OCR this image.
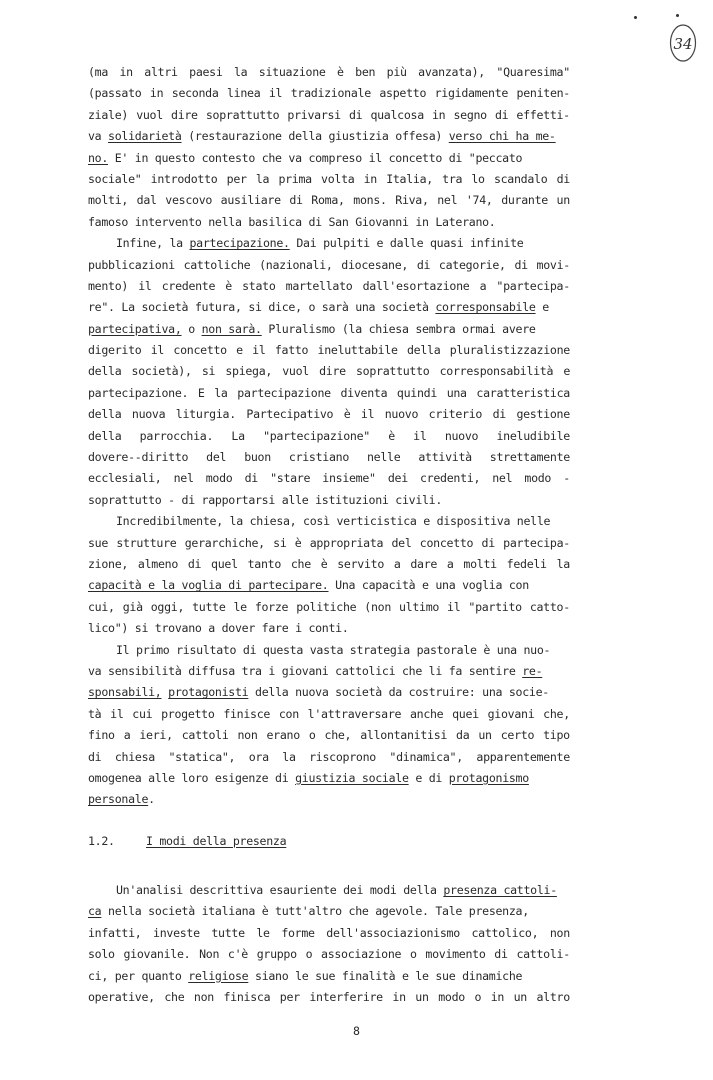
34
(ma in altri paesi la situazione è ben più avanzata), "Quaresima"
(passato in seconda linea il tradizionale aspetto rigidamente peniten-
ziale) vuol dire soprattutto privarsi di qualcosa in segno di effetti-
va solidarietà (restaurazione della giustizia offesa) verso chi ha me-
no. E' in questo contesto che va compreso il concetto di "peccato
sociale" introdotto per la prima volta in Italia, tra lo scandalo di
molti, dal vescovo ausiliare di Roma, mons. Riva, nel '74, durante un
famoso intervento nella basilica di San Giovanni in Laterano.
Infine, la partecipazione. Dai pulpiti e dalle quasi infinite
pubblicazioni cattoliche (nazionali, diocesane, di categorie, di movi-
mento) il credente è stato martellato dall'esortazione a "partecipa-
re". La società futura, si dice, o sarà una società corresponsabile e
partecipativa, o non sarà. Pluralismo (la chiesa sembra ormai avere
digerito il concetto e il fatto ineluttabile della pluralistizzazione
della società), si spiega, vuol dire soprattutto corresponsabilità e
partecipazione. E la partecipazione diventa quindi una caratteristica
della nuova liturgia. Partecipativo è il nuovo criterio di gestione
della parrocchia. La "partecipazione" è il nuovo ineludibile
dovere--diritto del buon cristiano nelle attività strettamente
ecclesiali, nel modo di "stare insieme" dei credenti, nel modo -
soprattutto - di rapportarsi alle istituzioni civili.
Incredibilmente, la chiesa, così verticistica e dispositiva nelle
sue strutture gerarchiche, si è appropriata del concetto di partecipa-
zione, almeno di quel tanto che è servito a dare a molti fedeli la
capacità e la voglia di partecipare. Una capacità e una voglia con
cui, già oggi, tutte le forze politiche (non ultimo il "partito catto-
lico") si trovano a dover fare i conti.
Il primo risultato di questa vasta strategia pastorale è una nuo-
va sensibilità diffusa tra i giovani cattolici che li fa sentire re-
sponsabili, protagonisti della nuova società da costruire: una socie-
tà il cui progetto finisce con l'attraversare anche quei giovani che,
fino a ieri, cattoli non erano o che, allontanitisi da un certo tipo
di chiesa "statica", ora la riscoprono "dinamica", apparentemente
omogenea alle loro esigenze di giustizia sociale e di protagonismo
personale.
1.2.	I modi della presenza
Un'analisi descrittiva esauriente dei modi della presenza cattoli-
ca nella società italiana è tutt'altro che agevole. Tale presenza,
infatti, investe tutte le forme dell'associazionismo cattolico, non
solo giovanile. Non c'è gruppo o associazione o movimento di cattoli-
ci, per quanto religiose siano le sue finalità e le sue dinamiche
operative, che non finisca per interferire in un modo o in un altro
8
